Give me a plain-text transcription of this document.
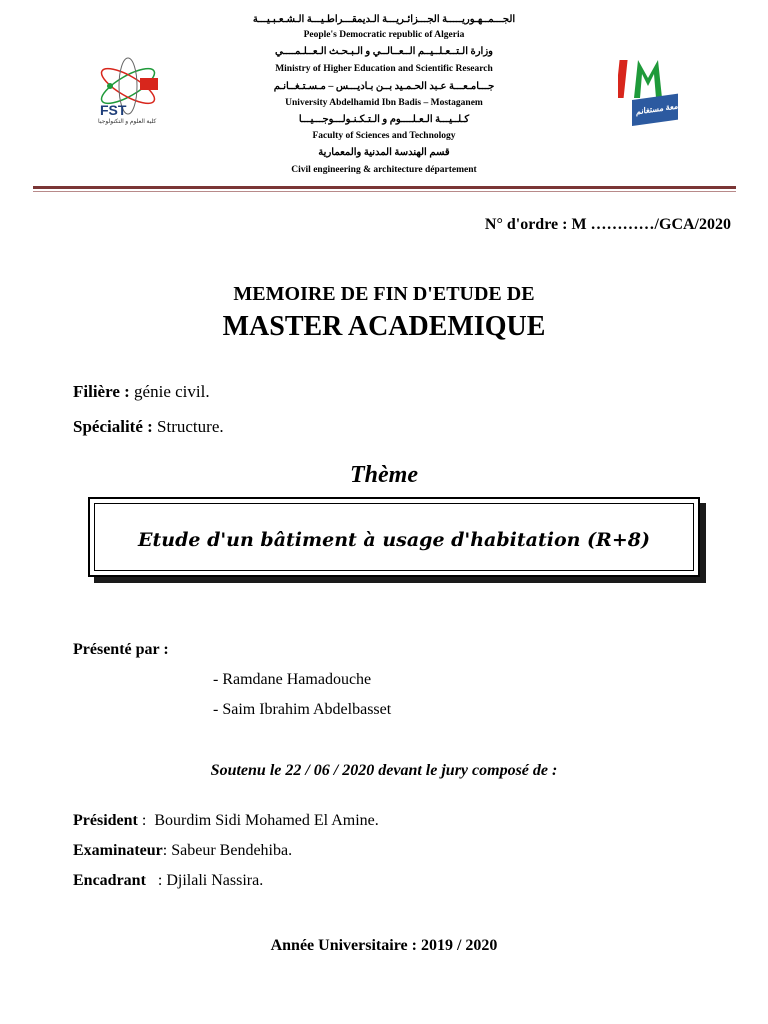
الجـــمــهـوريـــــة الجـــزائـريـــة الـديمقـــراطـيـــة الـشـعـبـيـــة
People's Democratic republic of Algeria
وزارة الـتــعـلــيــم الــعــالــي و الـبـحـث الـعــلـمــــي
Ministry of Higher Education and Scientific Research
جـــامـعـــة عـبد الحـمـيد بــن بـاديـــس – مـسـتـغــانـم
University Abdelhamid Ibn Badis – Mostaganem
كـلــيـــة الـعـلــــوم و الـتـكـنـولـــوجـــيـــا
Faculty of Sciences and Technology
قسم الهندسة المدنية والمعمارية
Civil engineering & architecture département
FST
كلية العلوم و التكنولوجيا
جامعة مستغانم
N° d'ordre : M …………/GCA/2020
MEMOIRE DE FIN D'ETUDE DE
MASTER ACADEMIQUE
Filière : génie civil.
Spécialité : Structure.
Thème
Etude d'un bâtiment à usage d'habitation (R+8)
Présenté par :
- Ramdane Hamadouche
- Saim Ibrahim Abdelbasset
Soutenu le 22 / 06 / 2020 devant le jury composé de :
Président :  Bourdim Sidi Mohamed El Amine.
Examinateur: Sabeur Bendehiba.
Encadrant   : Djilali Nassira.
Année Universitaire : 2019 / 2020
